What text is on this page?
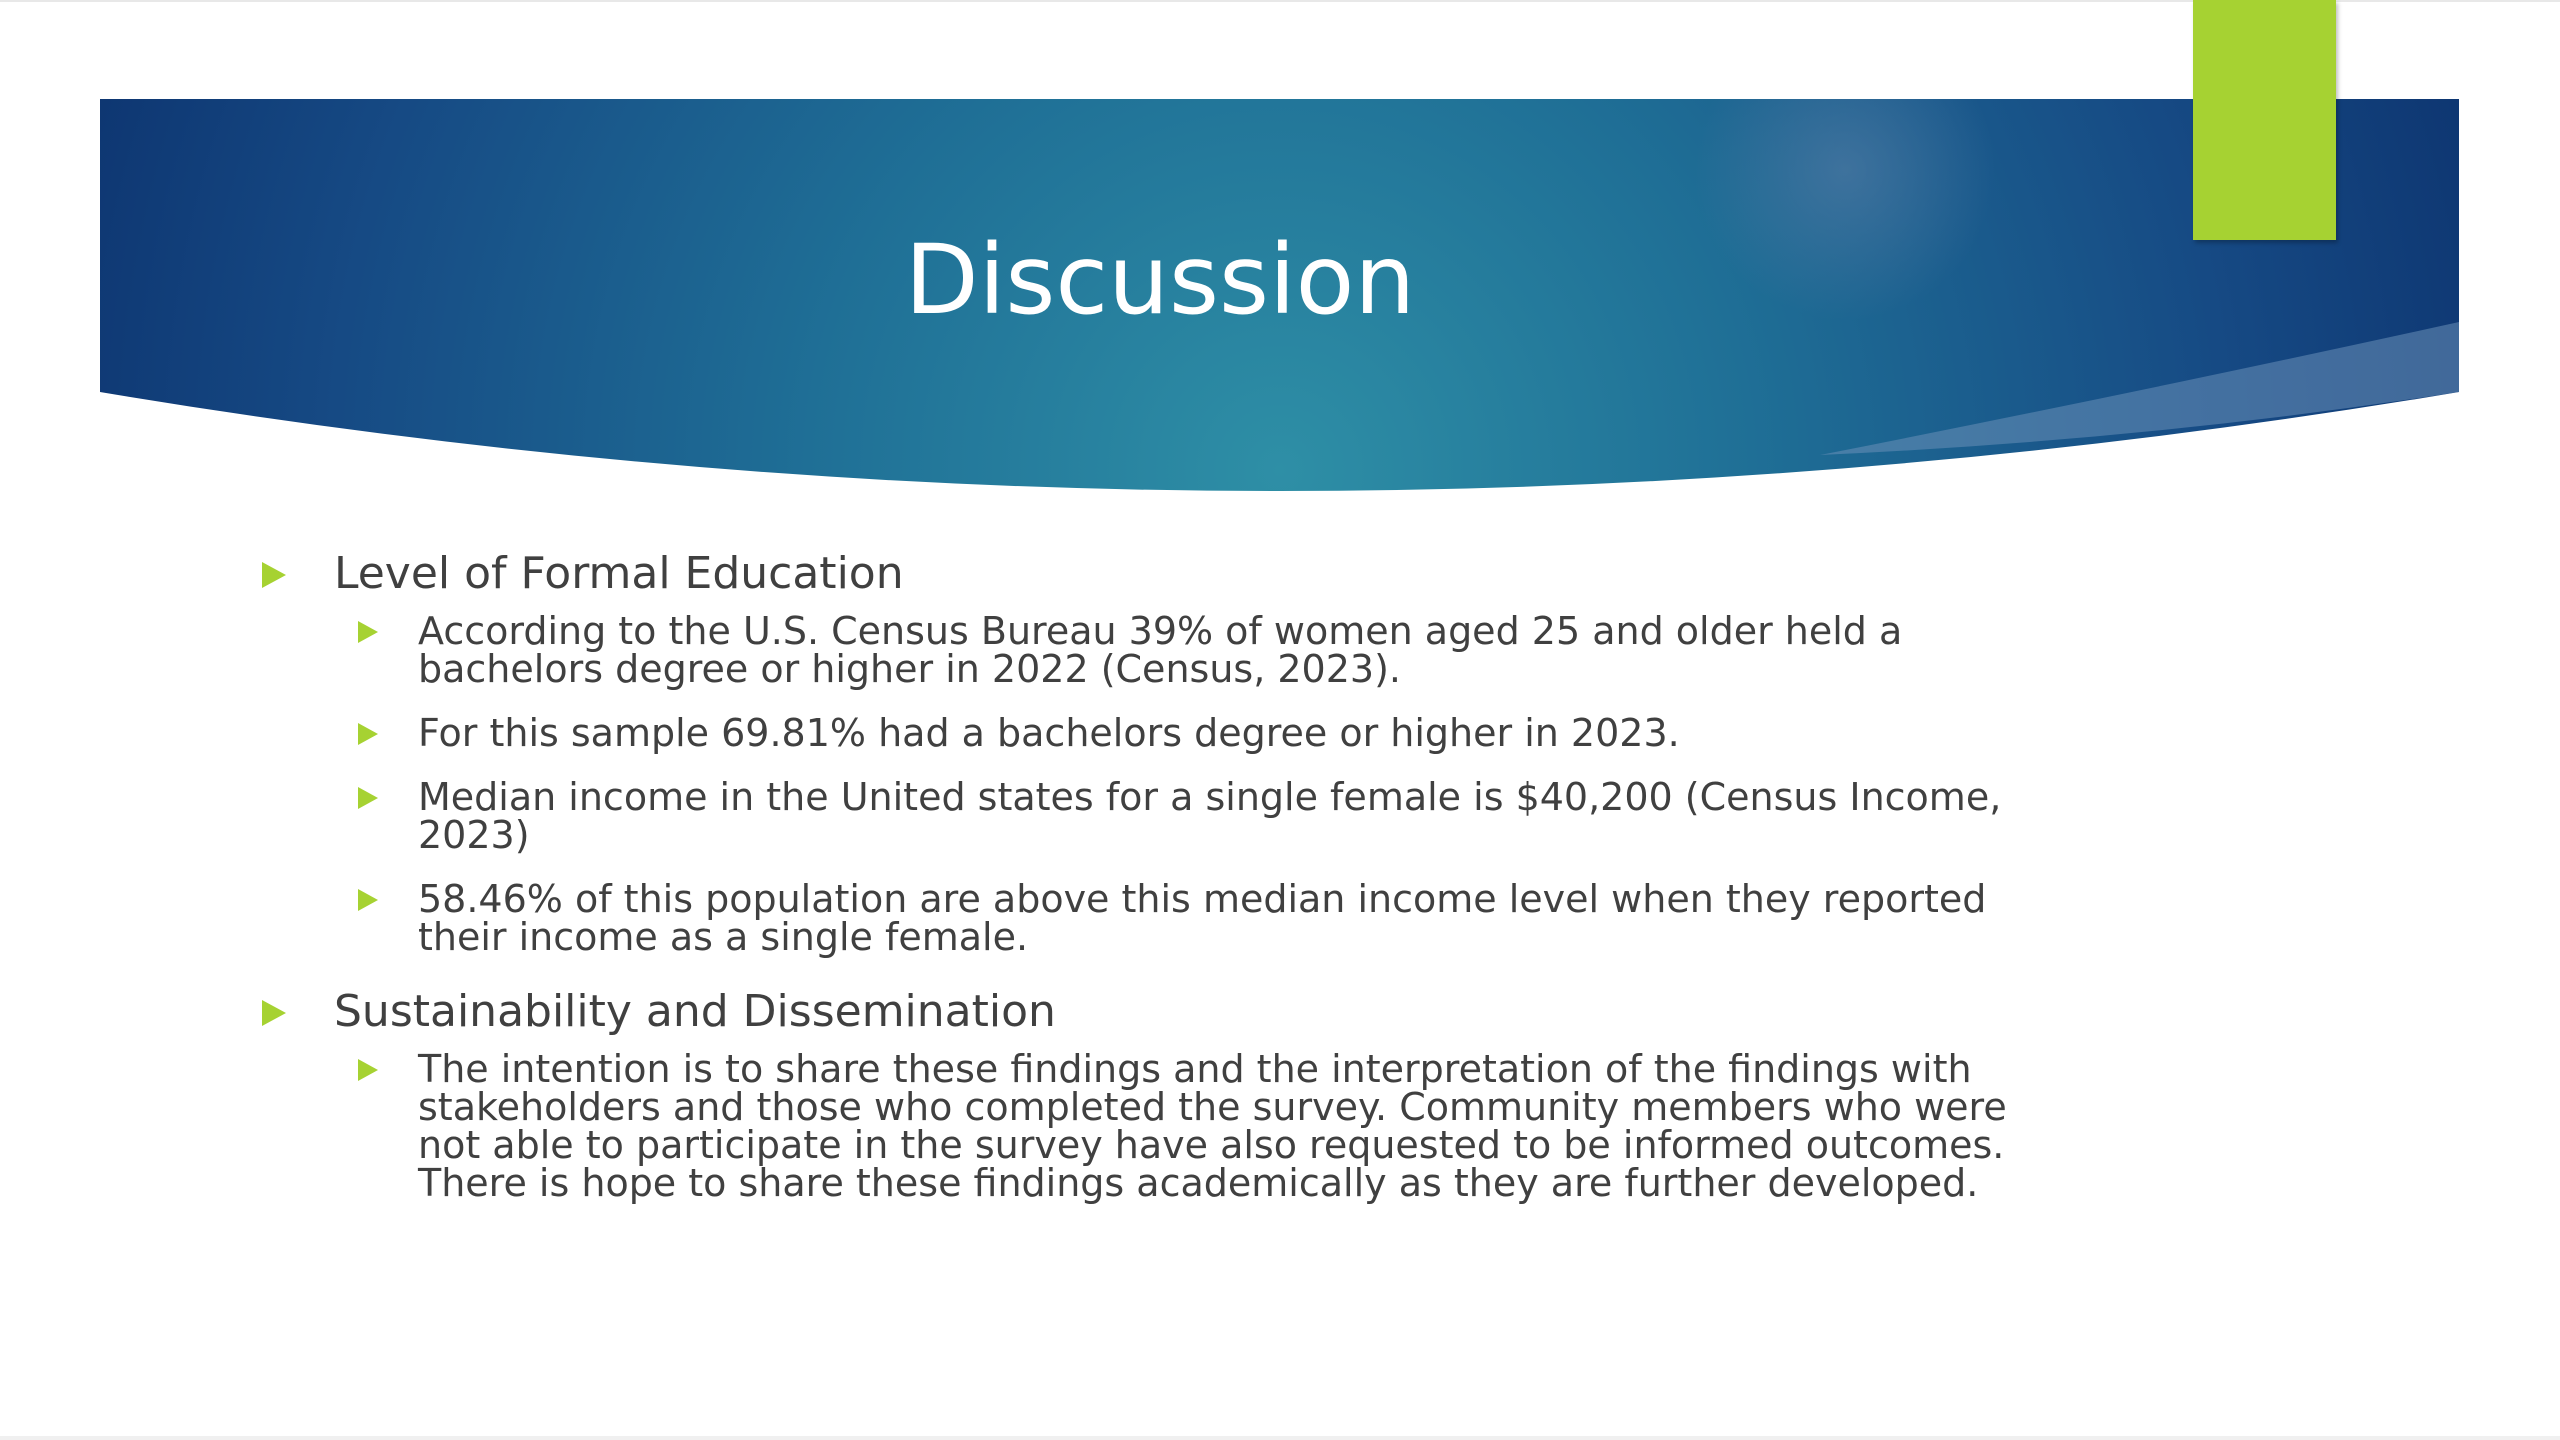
Discussion

Level of Formal Education

According to the U.S. Census Bureau 39% of women aged 25 and older held a bachelors degree or higher in 2022 (Census, 2023).

For this sample 69.81% had a bachelors degree or higher in 2023.

Median income in the United states for a single female is $40,200 (Census Income, 2023)

58.46% of this population are above this median income level when they reported their income as a single female.

Sustainability and Dissemination

The intention is to share these findings and the interpretation of the findings with stakeholders and those who completed the survey. Community members who were not able to participate in the survey have also requested to be informed outcomes. There is hope to share these findings academically as they are further developed.
